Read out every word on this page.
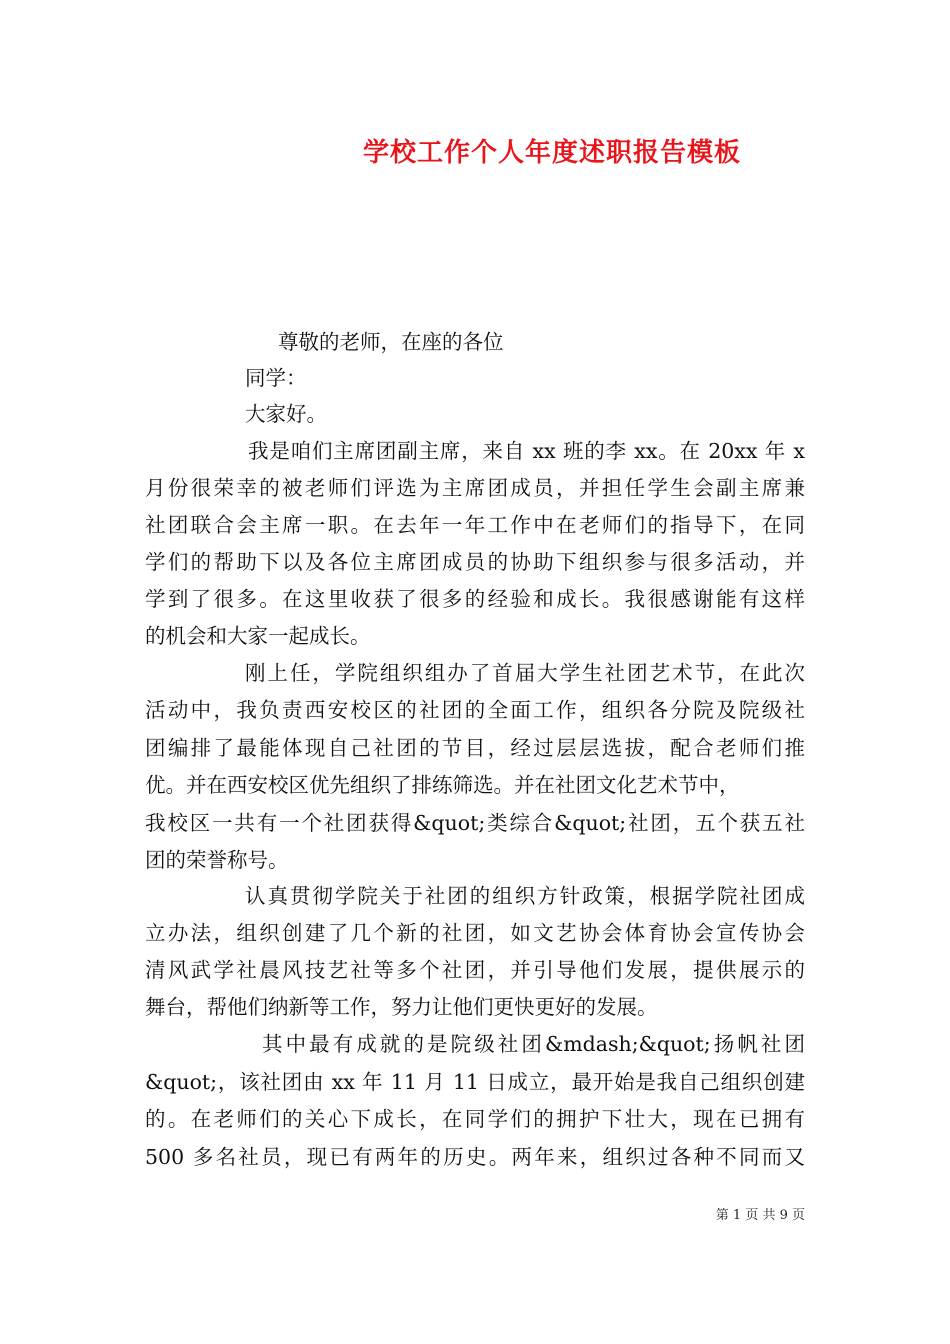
学校工作个人年度述职报告模板
尊敬的老师，在座的各位
同学：
大家好。
我是咱们主席团副主席，来自 xx 班的李 xx。在 20xx 年 x
月份很荣幸的被老师们评选为主席团成员，并担任学生会副主席兼
社团联合会主席一职。在去年一年工作中在老师们的指导下，在同
学们的帮助下以及各位主席团成员的协助下组织参与很多活动，并
学到了很多。在这里收获了很多的经验和成长。我很感谢能有这样
的机会和大家一起成长。
刚上任，学院组织组办了首届大学生社团艺术节，在此次
活动中，我负责西安校区的社团的全面工作，组织各分院及院级社
团编排了最能体现自己社团的节目，经过层层选拔，配合老师们推
优。并在西安校区优先组织了排练筛选。并在社团文化艺术节中，
我校区一共有一个社团获得&quot;类综合&quot;社团，五个获五社
团的荣誉称号。
认真贯彻学院关于社团的组织方针政策，根据学院社团成
立办法，组织创建了几个新的社团，如文艺协会体育协会宣传协会
清风武学社晨风技艺社等多个社团，并引导他们发展，提供展示的
舞台，帮他们纳新等工作，努力让他们更快更好的发展。
其中最有成就的是院级社团&mdash;&quot;扬帆社团
&quot;，该社团由 xx 年 11 月 11 日成立，最开始是我自己组织创建
的。在老师们的关心下成长，在同学们的拥护下壮大，现在已拥有
500 多名社员，现已有两年的历史。两年来，组织过各种不同而又
第 1 页 共 9 页
